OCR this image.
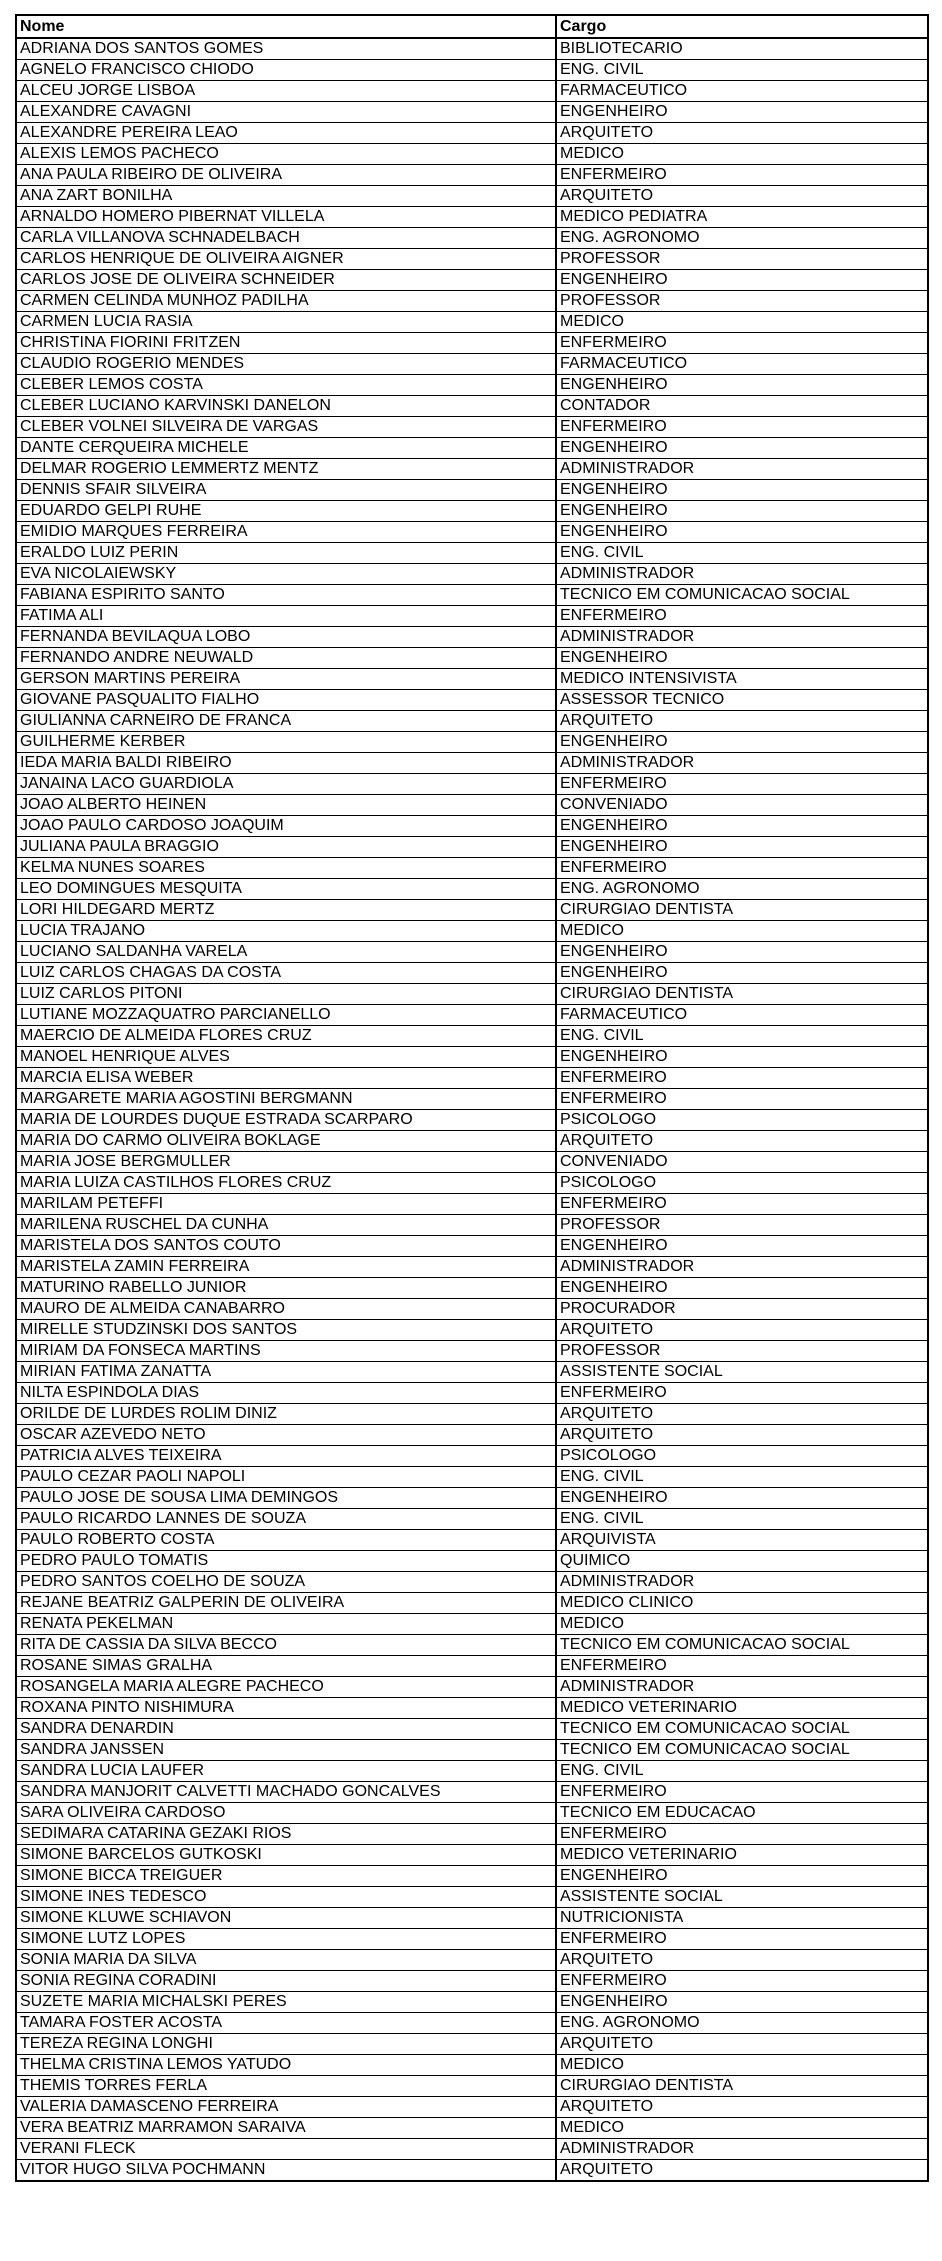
Nome	Cargo
ADRIANA DOS SANTOS GOMES	BIBLIOTECARIO
AGNELO FRANCISCO CHIODO	ENG. CIVIL
ALCEU JORGE LISBOA	FARMACEUTICO
ALEXANDRE CAVAGNI	ENGENHEIRO
ALEXANDRE PEREIRA LEAO	ARQUITETO
ALEXIS LEMOS PACHECO	MEDICO
ANA PAULA RIBEIRO DE OLIVEIRA	ENFERMEIRO
ANA ZART BONILHA	ARQUITETO
ARNALDO HOMERO PIBERNAT VILLELA	MEDICO PEDIATRA
CARLA VILLANOVA SCHNADELBACH	ENG. AGRONOMO
CARLOS HENRIQUE DE OLIVEIRA AIGNER	PROFESSOR
CARLOS JOSE DE OLIVEIRA SCHNEIDER	ENGENHEIRO
CARMEN CELINDA MUNHOZ PADILHA	PROFESSOR
CARMEN LUCIA RASIA	MEDICO
CHRISTINA FIORINI FRITZEN	ENFERMEIRO
CLAUDIO ROGERIO MENDES	FARMACEUTICO
CLEBER LEMOS COSTA	ENGENHEIRO
CLEBER LUCIANO KARVINSKI DANELON	CONTADOR
CLEBER VOLNEI SILVEIRA DE VARGAS	ENFERMEIRO
DANTE CERQUEIRA MICHELE	ENGENHEIRO
DELMAR ROGERIO LEMMERTZ MENTZ	ADMINISTRADOR
DENNIS SFAIR SILVEIRA	ENGENHEIRO
EDUARDO GELPI RUHE	ENGENHEIRO
EMIDIO MARQUES FERREIRA	ENGENHEIRO
ERALDO LUIZ PERIN	ENG. CIVIL
EVA NICOLAIEWSKY	ADMINISTRADOR
FABIANA ESPIRITO SANTO	TECNICO EM COMUNICACAO SOCIAL
FATIMA ALI	ENFERMEIRO
FERNANDA BEVILAQUA LOBO	ADMINISTRADOR
FERNANDO ANDRE NEUWALD	ENGENHEIRO
GERSON MARTINS PEREIRA	MEDICO INTENSIVISTA
GIOVANE PASQUALITO FIALHO	ASSESSOR TECNICO
GIULIANNA CARNEIRO DE FRANCA	ARQUITETO
GUILHERME KERBER	ENGENHEIRO
IEDA MARIA BALDI RIBEIRO	ADMINISTRADOR
JANAINA LACO GUARDIOLA	ENFERMEIRO
JOAO ALBERTO HEINEN	CONVENIADO
JOAO PAULO CARDOSO JOAQUIM	ENGENHEIRO
JULIANA PAULA BRAGGIO	ENGENHEIRO
KELMA NUNES SOARES	ENFERMEIRO
LEO DOMINGUES MESQUITA	ENG. AGRONOMO
LORI HILDEGARD MERTZ	CIRURGIAO DENTISTA
LUCIA TRAJANO	MEDICO
LUCIANO SALDANHA VARELA	ENGENHEIRO
LUIZ CARLOS CHAGAS DA COSTA	ENGENHEIRO
LUIZ CARLOS PITONI	CIRURGIAO DENTISTA
LUTIANE MOZZAQUATRO PARCIANELLO	FARMACEUTICO
MAERCIO DE ALMEIDA FLORES CRUZ	ENG. CIVIL
MANOEL HENRIQUE ALVES	ENGENHEIRO
MARCIA ELISA WEBER	ENFERMEIRO
MARGARETE MARIA AGOSTINI BERGMANN	ENFERMEIRO
MARIA DE LOURDES DUQUE ESTRADA SCARPARO	PSICOLOGO
MARIA DO CARMO OLIVEIRA BOKLAGE	ARQUITETO
MARIA JOSE BERGMULLER	CONVENIADO
MARIA LUIZA CASTILHOS FLORES CRUZ	PSICOLOGO
MARILAM PETEFFI	ENFERMEIRO
MARILENA RUSCHEL DA CUNHA	PROFESSOR
MARISTELA DOS SANTOS COUTO	ENGENHEIRO
MARISTELA ZAMIN FERREIRA	ADMINISTRADOR
MATURINO RABELLO JUNIOR	ENGENHEIRO
MAURO DE ALMEIDA CANABARRO	PROCURADOR
MIRELLE STUDZINSKI DOS SANTOS	ARQUITETO
MIRIAM DA FONSECA MARTINS	PROFESSOR
MIRIAN FATIMA ZANATTA	ASSISTENTE SOCIAL
NILTA ESPINDOLA DIAS	ENFERMEIRO
ORILDE DE LURDES ROLIM DINIZ	ARQUITETO
OSCAR AZEVEDO NETO	ARQUITETO
PATRICIA ALVES TEIXEIRA	PSICOLOGO
PAULO CEZAR PAOLI NAPOLI	ENG. CIVIL
PAULO JOSE DE SOUSA LIMA DEMINGOS	ENGENHEIRO
PAULO RICARDO LANNES DE SOUZA	ENG. CIVIL
PAULO ROBERTO COSTA	ARQUIVISTA
PEDRO PAULO TOMATIS	QUIMICO
PEDRO SANTOS COELHO DE SOUZA	ADMINISTRADOR
REJANE BEATRIZ GALPERIN DE OLIVEIRA	MEDICO CLINICO
RENATA PEKELMAN	MEDICO
RITA DE CASSIA DA SILVA BECCO	TECNICO EM COMUNICACAO SOCIAL
ROSANE SIMAS GRALHA	ENFERMEIRO
ROSANGELA MARIA ALEGRE PACHECO	ADMINISTRADOR
ROXANA PINTO NISHIMURA	MEDICO VETERINARIO
SANDRA DENARDIN	TECNICO EM COMUNICACAO SOCIAL
SANDRA JANSSEN	TECNICO EM COMUNICACAO SOCIAL
SANDRA LUCIA LAUFER	ENG. CIVIL
SANDRA MANJORIT CALVETTI MACHADO GONCALVES	ENFERMEIRO
SARA OLIVEIRA CARDOSO	TECNICO EM EDUCACAO
SEDIMARA CATARINA GEZAKI RIOS	ENFERMEIRO
SIMONE BARCELOS GUTKOSKI	MEDICO VETERINARIO
SIMONE BICCA TREIGUER	ENGENHEIRO
SIMONE INES TEDESCO	ASSISTENTE SOCIAL
SIMONE KLUWE SCHIAVON	NUTRICIONISTA
SIMONE LUTZ LOPES	ENFERMEIRO
SONIA MARIA DA SILVA	ARQUITETO
SONIA REGINA CORADINI	ENFERMEIRO
SUZETE MARIA MICHALSKI PERES	ENGENHEIRO
TAMARA FOSTER ACOSTA	ENG. AGRONOMO
TEREZA REGINA LONGHI	ARQUITETO
THELMA CRISTINA LEMOS YATUDO	MEDICO
THEMIS TORRES FERLA	CIRURGIAO DENTISTA
VALERIA DAMASCENO FERREIRA	ARQUITETO
VERA BEATRIZ MARRAMON SARAIVA	MEDICO
VERANI FLECK	ADMINISTRADOR
VITOR HUGO SILVA POCHMANN	ARQUITETO
